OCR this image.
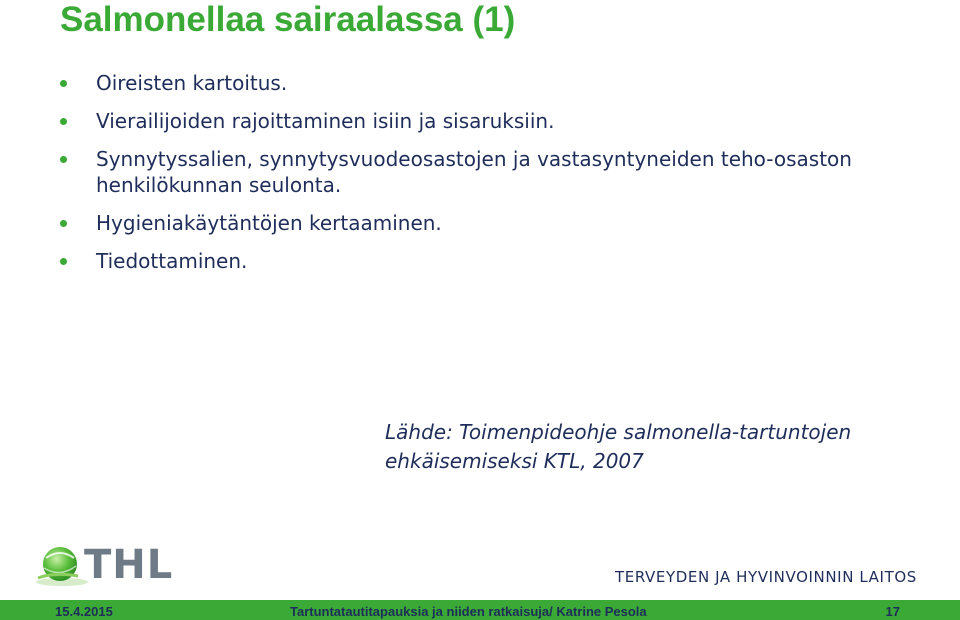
Salmonellaa sairaalassa (1)
Oireisten kartoitus.
Vierailijoiden rajoittaminen isiin ja sisaruksiin.
Synnytyssalien, synnytysvuodeosastojen ja vastasyntyneiden teho-osaston henkilökunnan seulonta.
Hygieniakäytäntöjen kertaaminen.
Tiedottaminen.
Lähde: Toimenpideohje salmonella-tartuntojen
ehkäisemiseksi KTL, 2007
THL	TERVEYDEN JA HYVINVOINNIN LAITOS
15.4.2015	Tartuntatautitapauksia ja niiden ratkaisuja/ Katrine Pesola	17
